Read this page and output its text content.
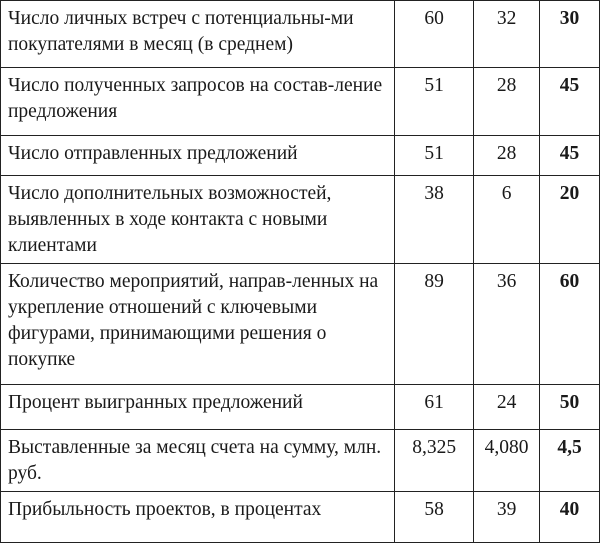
Число личных встреч с потенциальны-ми покупателями в месяц (в среднем)	60	32	30
Число полученных запросов на состав-ление предложения	51	28	45
Число отправленных предложений	51	28	45
Число дополнительных возможностей, выявленных в ходе контакта с новыми клиентами	38	6	20
Количество мероприятий, направ-ленных на укрепление отношений с ключевыми фигурами, принимающими решения о покупке	89	36	60
Процент выигранных предложений	61	24	50
Выставленные за месяц счета на сумму, млн. руб.	8,325	4,080	4,5
Прибыльность проектов, в процентах	58	39	40
